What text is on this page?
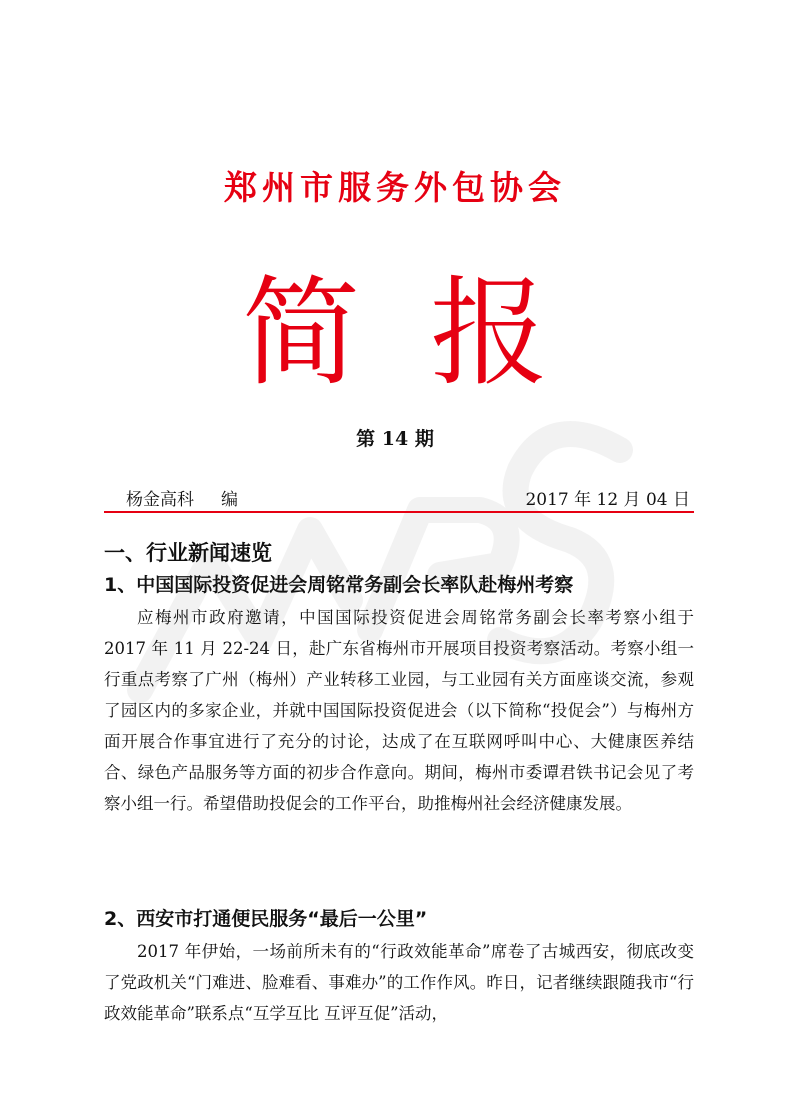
郑州市服务外包协会
简报
第 14 期
杨金高科     编	2017 年 12 月 04 日
一、行业新闻速览
1、中国国际投资促进会周铭常务副会长率队赴梅州考察
应梅州市政府邀请，中国国际投资促进会周铭常务副会长率考察小组于 2017 年 11 月 22-24 日，赴广东省梅州市开展项目投资考察活动。考察小组一行重点考察了广州（梅州）产业转移工业园，与工业园有关方面座谈交流，参观了园区内的多家企业，并就中国国际投资促进会（以下简称“投促会”）与梅州方面开展合作事宜进行了充分的讨论，达成了在互联网呼叫中心、大健康医养结合、绿色产品服务等方面的初步合作意向。期间，梅州市委谭君铁书记会见了考察小组一行。希望借助投促会的工作平台，助推梅州社会经济健康发展。
2、西安市打通便民服务“最后一公里”
2017 年伊始，一场前所未有的“行政效能革命”席卷了古城西安，彻底改变了党政机关“门难进、脸难看、事难办”的工作作风。昨日，记者继续跟随我市“行政效能革命”联系点“互学互比 互评互促”活动，
